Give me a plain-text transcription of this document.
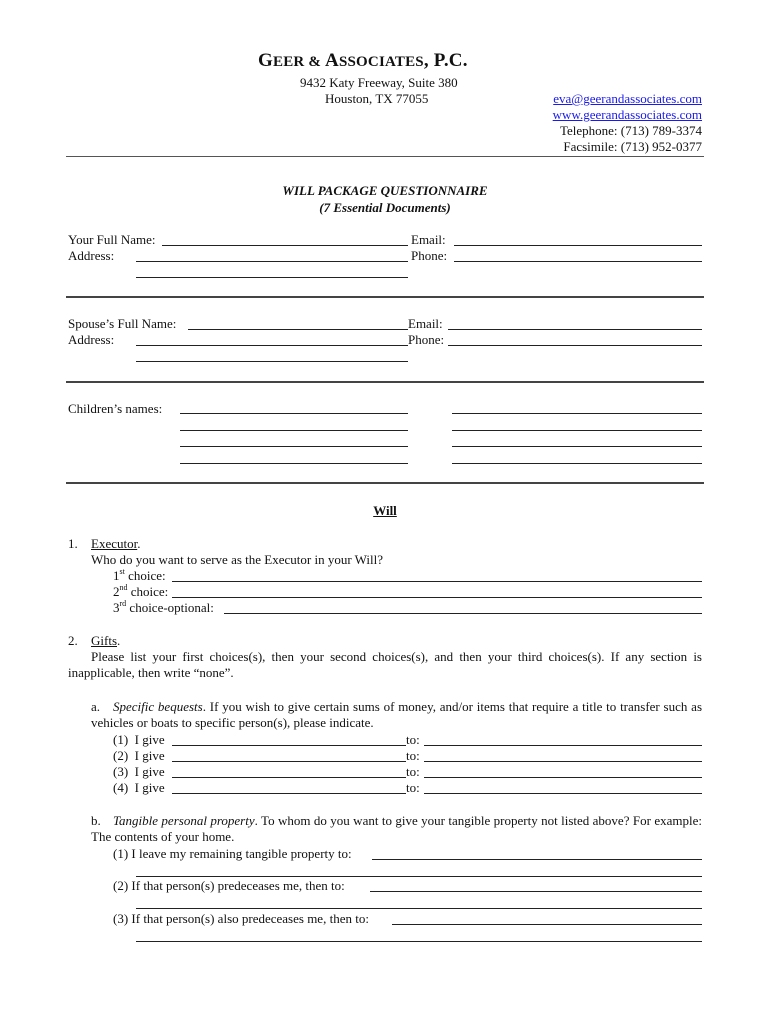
GEER & ASSOCIATES, P.C.
9432 Katy Freeway, Suite 380
Houston, TX 77055	eva@geerandassociates.com
www.geerandassociates.com
Telephone: (713) 789-3374
Facsimile: (713) 952-0377
WILL PACKAGE QUESTIONNAIRE
(7 Essential Documents)
Your Full Name:	Email:
Address:	Phone:
Spouse’s Full Name:	Email:
Address:	Phone:
Children’s names:
Will
1. Executor.
Who do you want to serve as the Executor in your Will?
1st choice:
2nd choice:
3rd choice-optional:
2. Gifts.
Please list your first choices(s), then your second choices(s), and then your third choices(s). If any section is inapplicable, then write “none”.
a. Specific bequests. If you wish to give certain sums of money, and/or items that require a title to transfer such as vehicles or boats to specific person(s), please indicate.
(1) I give	to:
(2) I give	to:
(3) I give	to:
(4) I give	to:
b. Tangible personal property. To whom do you want to give your tangible property not listed above? For example: The contents of your home.
(1) I leave my remaining tangible property to:
(2) If that person(s) predeceases me, then to:
(3) If that person(s) also predeceases me, then to:
